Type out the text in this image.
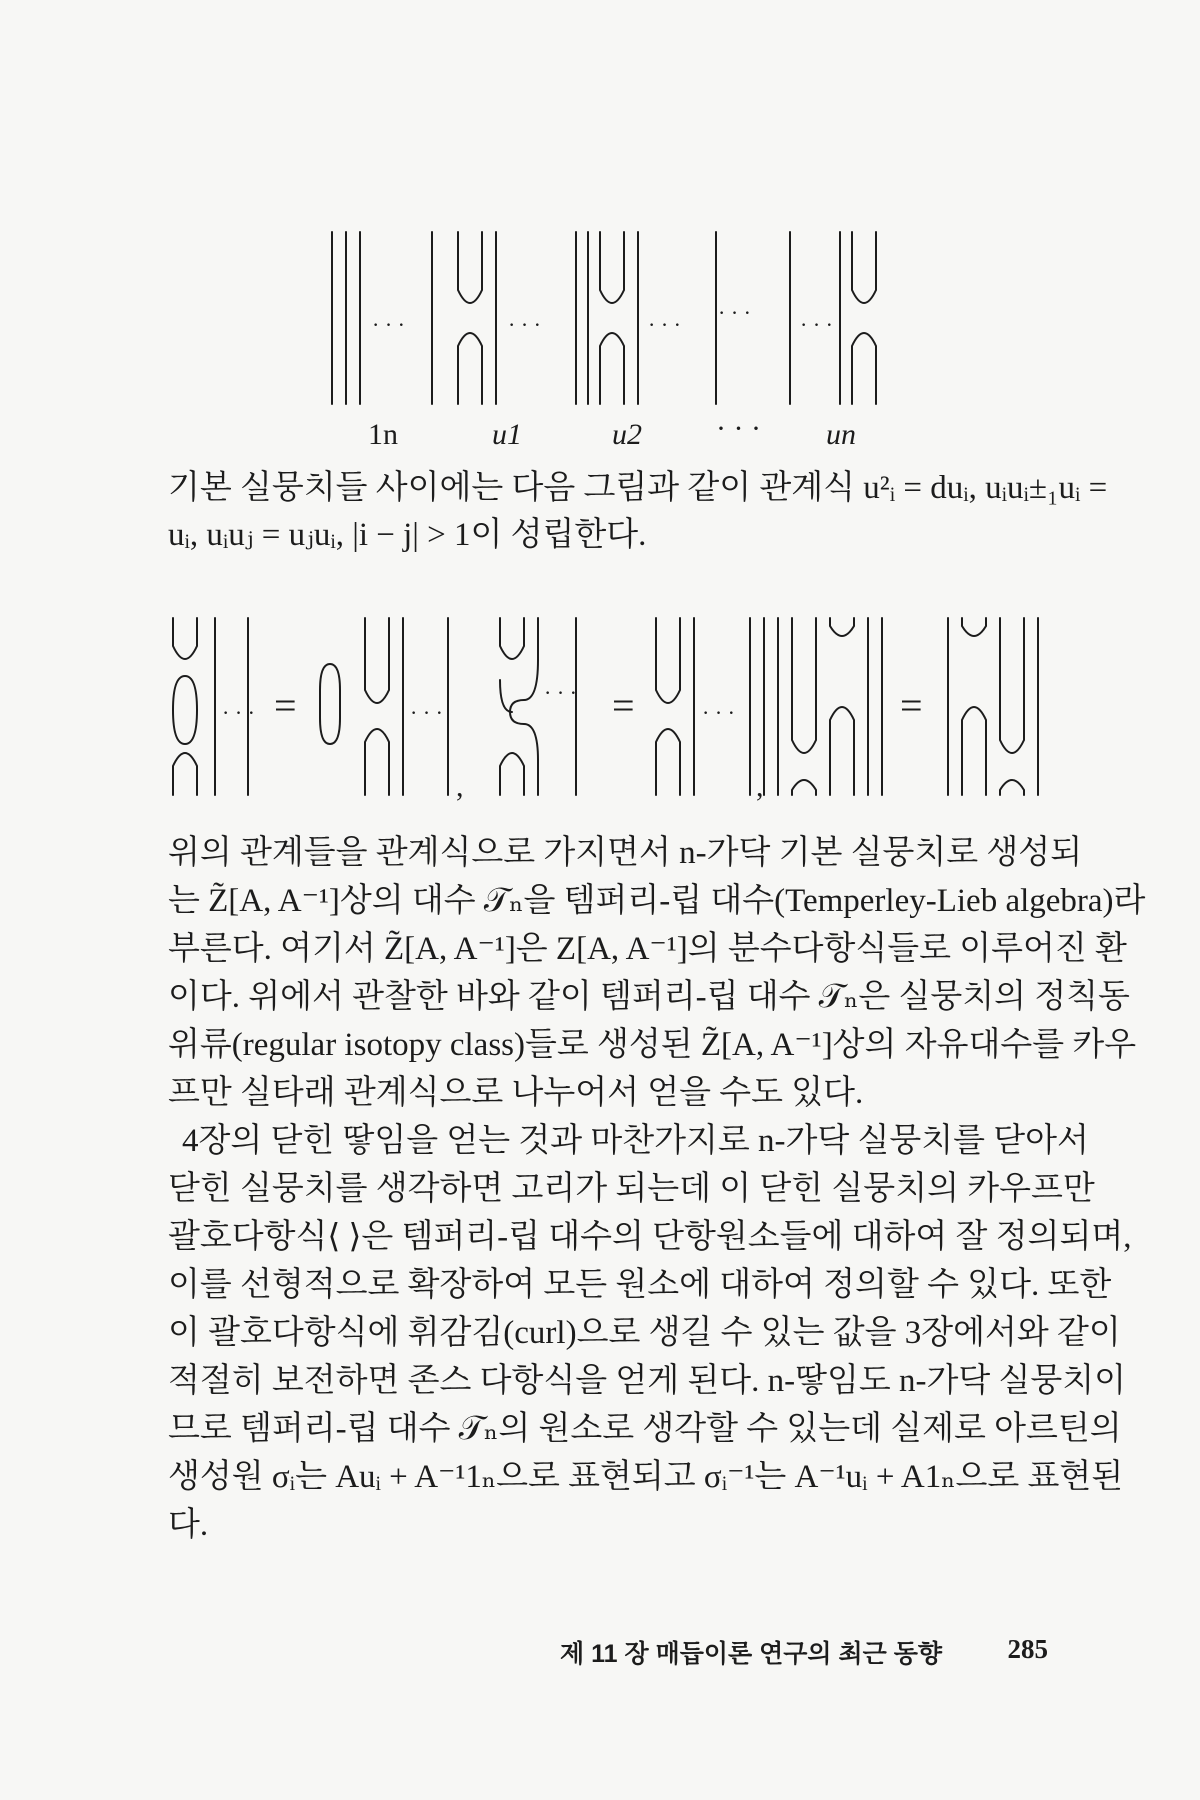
· · ·	· · ·	· · · · · · · · ·
1n	u1	u2 · · · un
기본 실뭉치들 사이에는 다음 그림과 같이 관계식 u²ᵢ = duᵢ, uᵢuᵢ±₁uᵢ =
uᵢ, uᵢuⱼ = uⱼuᵢ, |i − j| > 1이 성립한다.
· · · =	· · ·
,
· · · =	· · ·
,
=
위의 관계들을 관계식으로 가지면서 n-가닥 기본 실뭉치로 생성되
는 Z̃[A, A⁻¹]상의 대수 𝒯ₙ을 템퍼리-립 대수(Temperley-Lieb algebra)라
부른다. 여기서 Z̃[A, A⁻¹]은 Z[A, A⁻¹]의 분수다항식들로 이루어진 환
이다. 위에서 관찰한 바와 같이 템퍼리-립 대수 𝒯ₙ은 실뭉치의 정칙동
위류(regular isotopy class)들로 생성된 Z̃[A, A⁻¹]상의 자유대수를 카우
프만 실타래 관계식으로 나누어서 얻을 수도 있다.
4장의 닫힌 땋임을 얻는 것과 마찬가지로 n-가닥 실뭉치를 닫아서
닫힌 실뭉치를 생각하면 고리가 되는데 이 닫힌 실뭉치의 카우프만
괄호다항식⟨ ⟩은 템퍼리-립 대수의 단항원소들에 대하여 잘 정의되며,
이를 선형적으로 확장하여 모든 원소에 대하여 정의할 수 있다. 또한
이 괄호다항식에 휘감김(curl)으로 생길 수 있는 값을 3장에서와 같이
적절히 보전하면 존스 다항식을 얻게 된다. n-땋임도 n-가닥 실뭉치이
므로 템퍼리-립 대수 𝒯ₙ의 원소로 생각할 수 있는데 실제로 아르틴의
생성원 σᵢ는 Auᵢ + A⁻¹1ₙ으로 표현되고 σᵢ⁻¹는 A⁻¹uᵢ + A1ₙ으로 표현된
다.
제 11 장 매듭이론 연구의 최근 동향 285
